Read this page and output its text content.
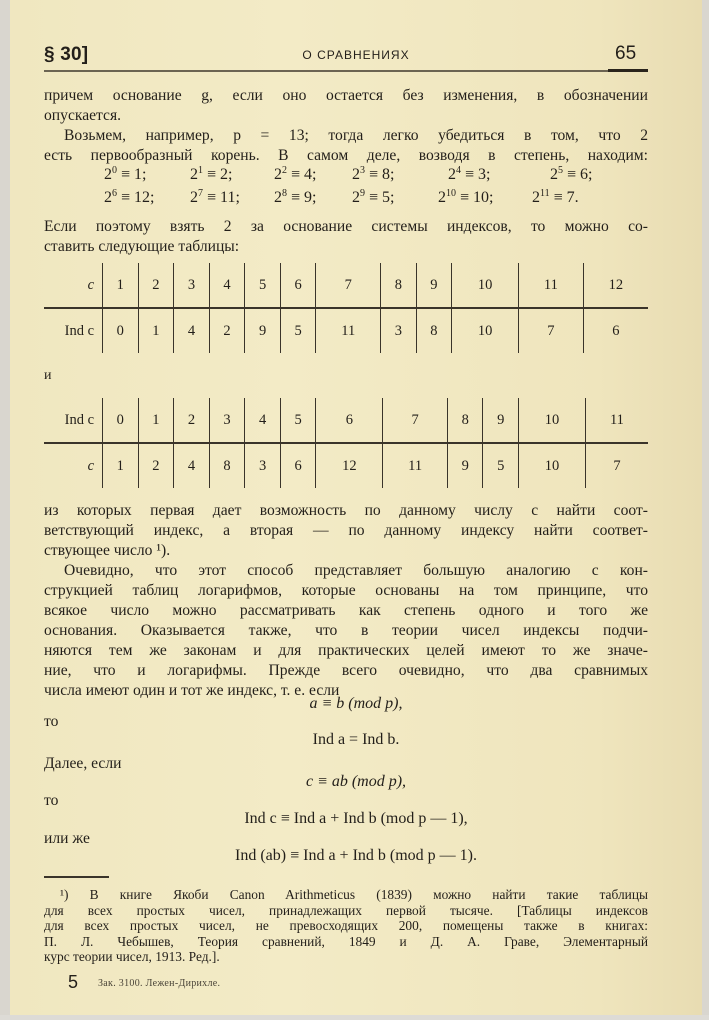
§ 30]	О СРАВНЕНИЯХ	65
причем основание g, если оно остается без изменения, в обозначении
опускается.
Возьмем, например, p = 13; тогда легко убедиться в том, что 2
есть первообразный корень. В самом деле, возводя в степень, находим:
$2^0 \equiv 1$;	$2^1 \equiv 2$;	$2^2 \equiv 4$; $2^3 \equiv 8$;	$2^4 \equiv 3$;	$2^5 \equiv 6$;
$2^6 \equiv 12$; $2^7 \equiv 11$; $2^8 \equiv 9$; $2^9 \equiv 5$;	$2^{10} \equiv 10$; $2^{11} \equiv 7$.
Если поэтому взять 2 за основание системы индексов, то можно со-
ставить следующие таблицы:
c	1	2	3	4	5	6	7	8	9	10	11	12
Ind c	0	1	4	2	9	5	11	3	8	10	7	6
и
Ind c	0	1	2	3	4	5	6	7	8	9	10	11
c	1	2	4	8	3	6	12	11	9	5	10	7
из которых первая дает возможность по данному числу c найти соот-
ветствующий индекс, а вторая — по данному индексу найти соответ-
ствующее число ¹).
Очевидно, что этот способ представляет большую аналогию с кон-
струкцией таблиц логарифмов, которые основаны на том принципе, что
всякое число можно рассматривать как степень одного и того же
основания. Оказывается также, что в теории чисел индексы подчи-
няются тем же законам и для практических целей имеют то же значе-
ние, что и логарифмы. Прежде всего очевидно, что два сравнимых
числа имеют один и тот же индекс, т. е. если
a ≡ b (mod p),
то
Ind a = Ind b.
Далее, если
c ≡ ab (mod p),
то
Ind c ≡ Ind a + Ind b (mod p — 1),
или же
Ind (ab) ≡ Ind a + Ind b (mod p — 1).
¹) В книге Якоби Canon Arithmeticus (1839) можно найти такие таблицы
для всех простых чисел, принадлежащих первой тысяче. [Таблицы индексов
для всех простых чисел, не превосходящих 200, помещены также в книгах:
П. Л. Чебышев, Теория сравнений, 1849 и Д. А. Граве, Элементарный
курс теории чисел, 1913. Ред.].
5 Зак. 3100. Лежен-Дирихле.
